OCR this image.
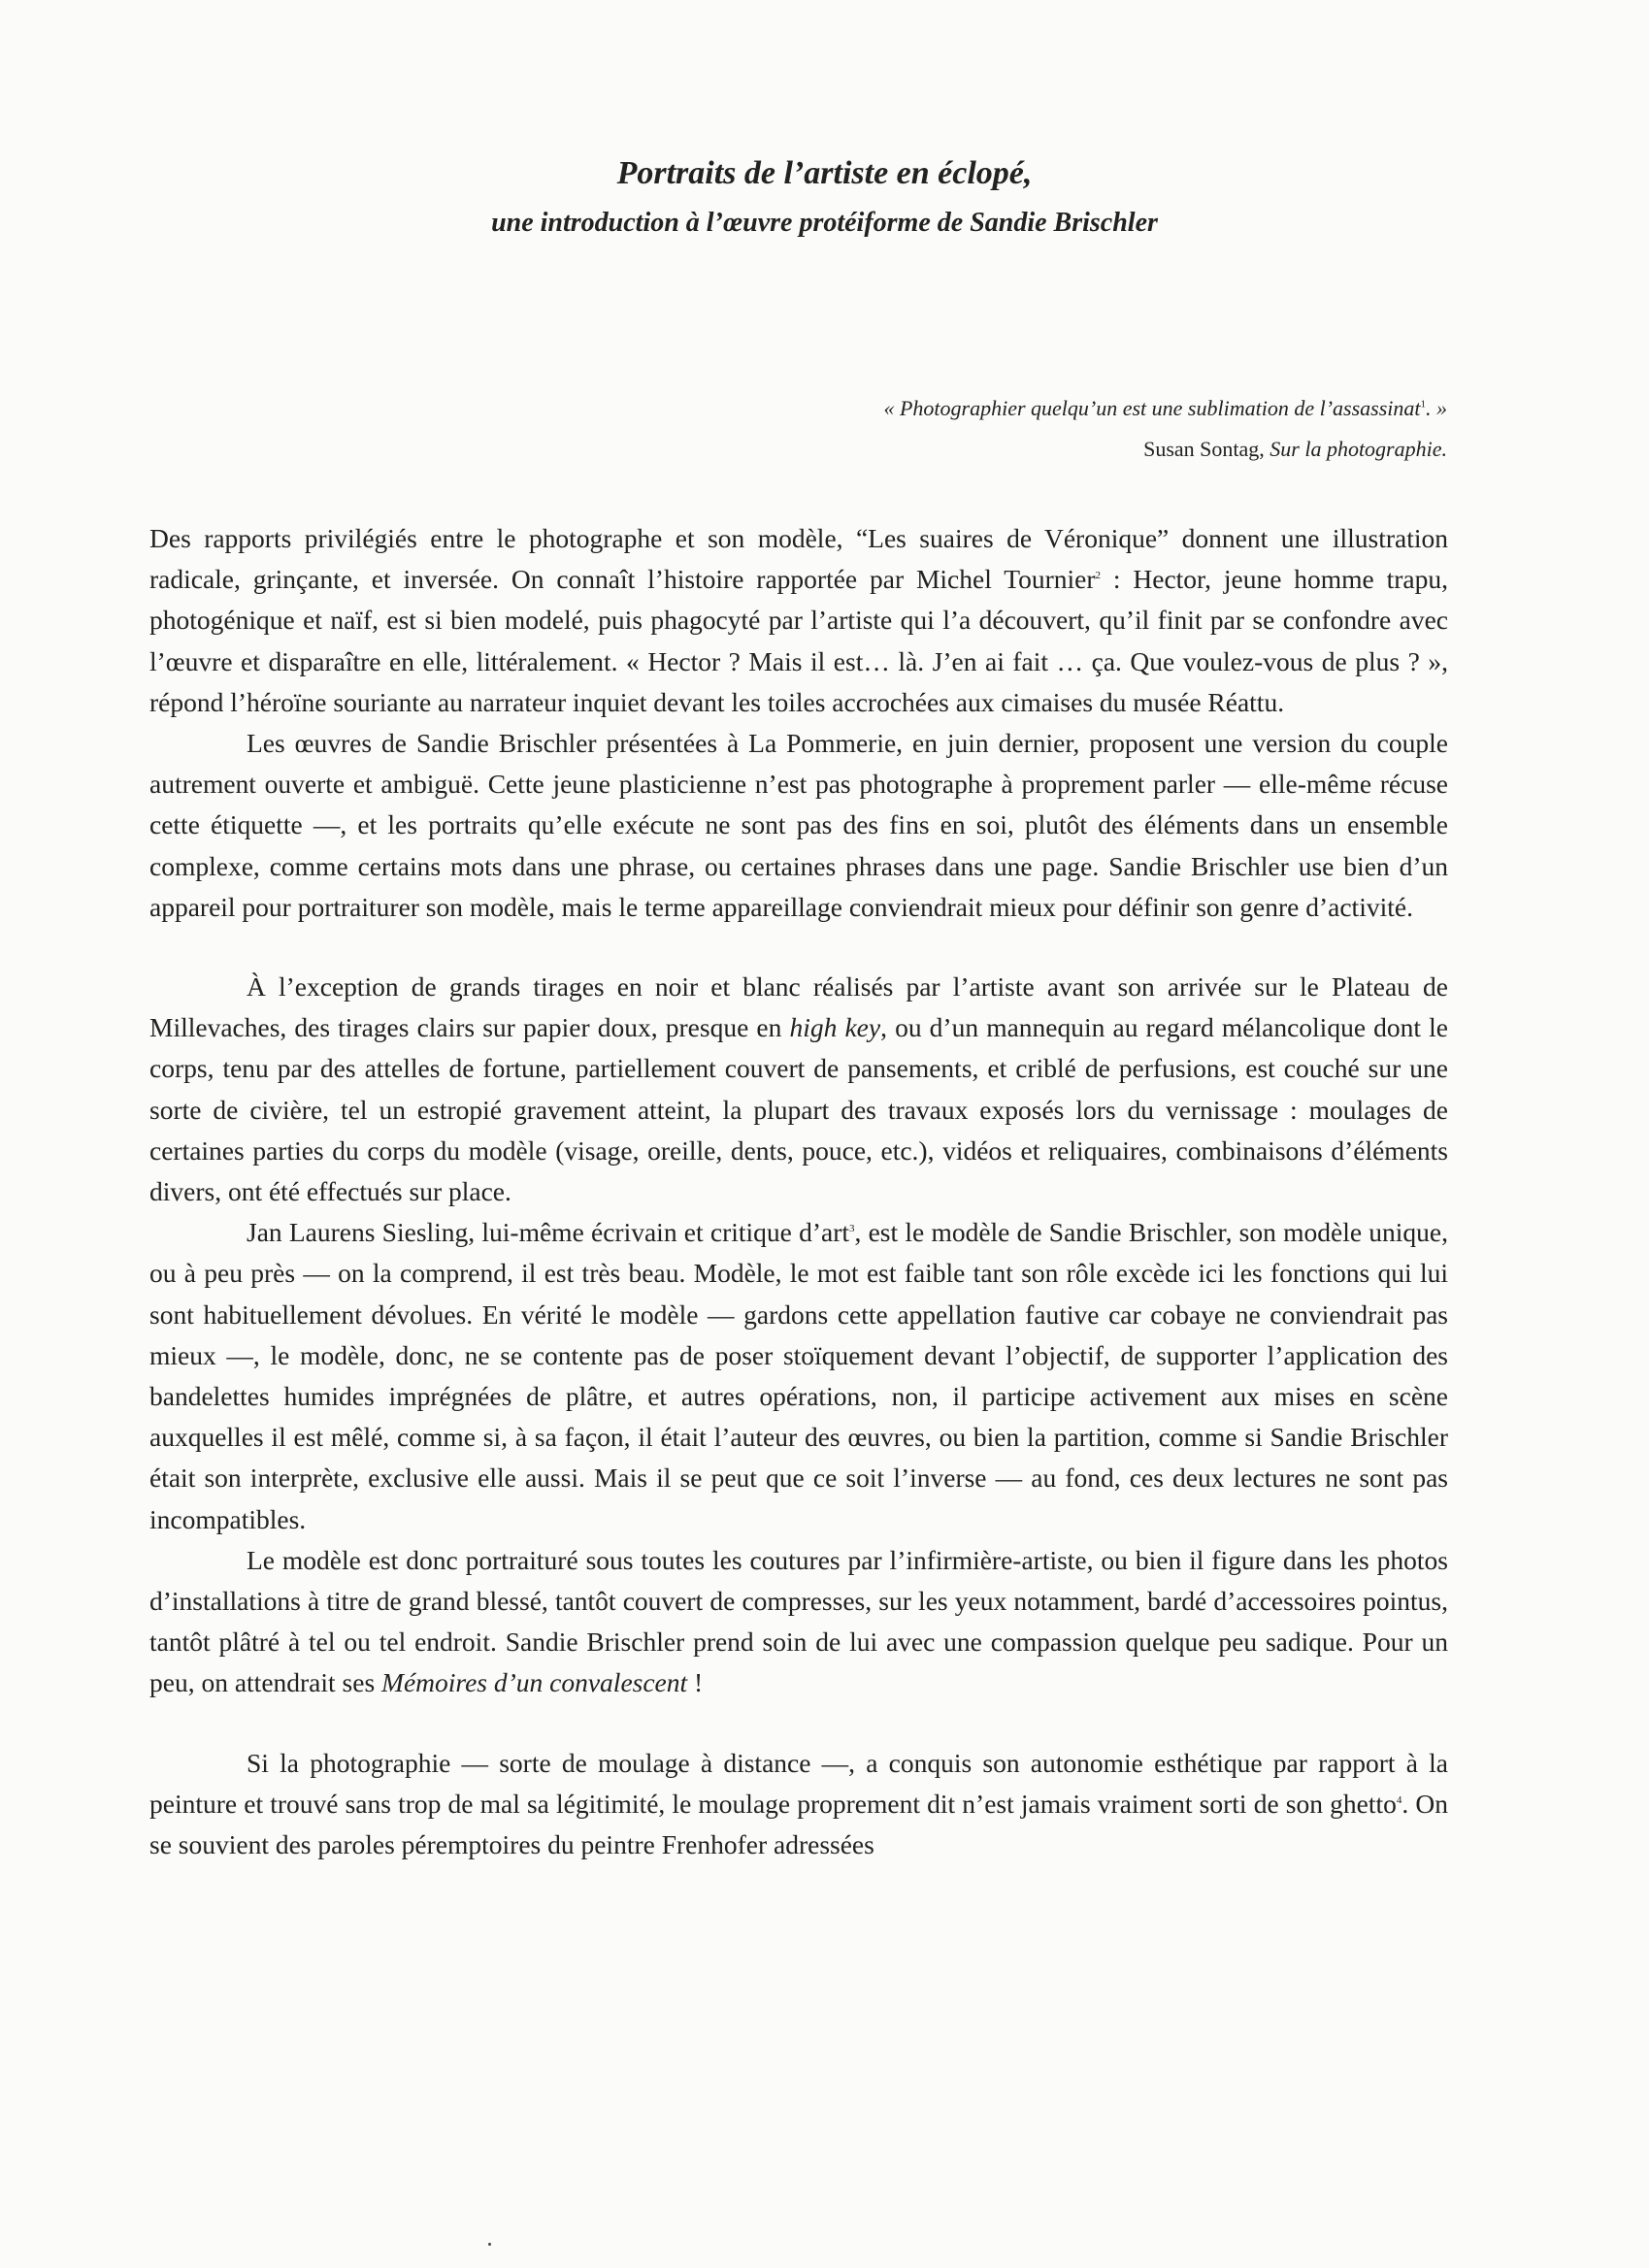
Portraits de l’artiste en éclopé,
une introduction à l’œuvre protéiforme de Sandie Brischler
« Photographier quelqu’un est une sublimation de l’assassinat$^1$. »
Susan Sontag, Sur la photographie.

Des rapports privilégiés entre le photographe et son modèle, “Les suaires de Véronique” donnent une illustration radicale, grinçante, et inversée. On connaît l’histoire rapportée par Michel Tournier$^2$ : Hector, jeune homme trapu, photogénique et naïf, est si bien modelé, puis phagocyté par l’artiste qui l’a découvert, qu’il finit par se confondre avec l’œuvre et disparaître en elle, littéralement. « Hector ? Mais il est… là. J’en ai fait … ça. Que voulez-vous de plus ? », répond l’héroïne souriante au narrateur inquiet devant les toiles accrochées aux cimaises du musée Réattu.

Les œuvres de Sandie Brischler présentées à La Pommerie, en juin dernier, proposent une version du couple autrement ouverte et ambiguë. Cette jeune plasticienne n’est pas photographe à proprement parler — elle-même récuse cette étiquette —, et les portraits qu’elle exécute ne sont pas des fins en soi, plutôt des éléments dans un ensemble complexe, comme certains mots dans une phrase, ou certaines phrases dans une page. Sandie Brischler use bien d’un appareil pour portraiturer son modèle, mais le terme appareillage conviendrait mieux pour définir son genre d’activité.

À l’exception de grands tirages en noir et blanc réalisés par l’artiste avant son arrivée sur le Plateau de Millevaches, des tirages clairs sur papier doux, presque en high key, ou d’un mannequin au regard mélancolique dont le corps, tenu par des attelles de fortune, partiellement couvert de pansements, et criblé de perfusions, est couché sur une sorte de civière, tel un estropié gravement atteint, la plupart des travaux exposés lors du vernissage : moulages de certaines parties du corps du modèle (visage, oreille, dents, pouce, etc.), vidéos et reliquaires, combinaisons d’éléments divers, ont été effectués sur place.

Jan Laurens Siesling, lui-même écrivain et critique d’art$^3$, est le modèle de Sandie Brischler, son modèle unique, ou à peu près — on la comprend, il est très beau. Modèle, le mot est faible tant son rôle excède ici les fonctions qui lui sont habituellement dévolues. En vérité le modèle — gardons cette appellation fautive car cobaye ne conviendrait pas mieux —, le modèle, donc, ne se contente pas de poser stoïquement devant l’objectif, de supporter l’application des bandelettes humides imprégnées de plâtre, et autres opérations, non, il participe activement aux mises en scène auxquelles il est mêlé, comme si, à sa façon, il était l’auteur des œuvres, ou bien la partition, comme si Sandie Brischler était son interprète, exclusive elle aussi. Mais il se peut que ce soit l’inverse — au fond, ces deux lectures ne sont pas incompatibles.

Le modèle est donc portraituré sous toutes les coutures par l’infirmière-artiste, ou bien il figure dans les photos d’installations à titre de grand blessé, tantôt couvert de compresses, sur les yeux notamment, bardé d’accessoires pointus, tantôt plâtré à tel ou tel endroit. Sandie Brischler prend soin de lui avec une compassion quelque peu sadique. Pour un peu, on attendrait ses Mémoires d’un convalescent !

Si la photographie — sorte de moulage à distance —, a conquis son autonomie esthétique par rapport à la peinture et trouvé sans trop de mal sa légitimité, le moulage proprement dit n’est jamais vraiment sorti de son ghetto$^4$. On se souvient des paroles péremptoires du peintre Frenhofer adressées
